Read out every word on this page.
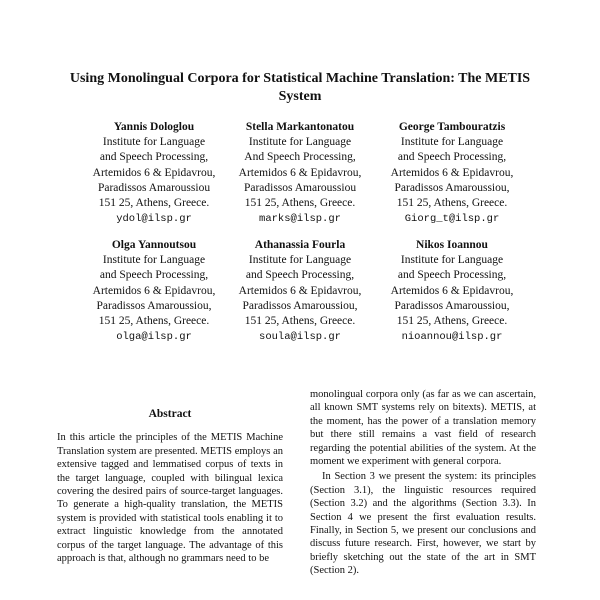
Using Monolingual Corpora for Statistical Machine Translation: The METIS System
Yannis Dologlou
Institute for Language
and Speech Processing,
Artemidos 6 & Epidavrou,
Paradissos Amaroussiou
151 25, Athens, Greece.
ydol@ilsp.gr
Stella Markantonatou
Institute for Language
And Speech Processing,
Artemidos 6 & Epidavrou,
Paradissos Amaroussiou
151 25, Athens, Greece.
marks@ilsp.gr
George Tambouratzis
Institute for Language
and Speech Processing,
Artemidos 6 & Epidavrou,
Paradissos Amaroussiou,
151 25, Athens, Greece.
Giorg_t@ilsp.gr
Olga Yannoutsou
Institute for Language
and Speech Processing,
Artemidos 6 & Epidavrou,
Paradissos Amaroussiou,
151 25, Athens, Greece.
olga@ilsp.gr
Athanassia Fourla
Institute for Language
and Speech Processing,
Artemidos 6 & Epidavrou,
Paradissos Amaroussiou,
151 25, Athens, Greece.
soula@ilsp.gr
Nikos Ioannou
Institute for Language
and Speech Processing,
Artemidos 6 & Epidavrou,
Paradissos Amaroussiou,
151 25, Athens, Greece.
nioannou@ilsp.gr
Abstract

In this article the principles of the METIS Machine Translation system are presented. METIS employs an extensive tagged and lemmatised corpus of texts in the target language, coupled with bilingual lexica covering the desired pairs of source-target languages. To generate a high-quality translation, the METIS system is provided with statistical tools enabling it to extract linguistic knowledge from the annotated corpus of the target language. The advantage of this approach is that, although no grammars need to be

monolingual corpora only (as far as we can ascertain, all known SMT systems rely on bitexts). METIS, at the moment, has the power of a translation memory but there still remains a vast field of research regarding the potential abilities of the system. At the moment we experiment with general corpora.

In Section 3 we present the system: its principles (Section 3.1), the linguistic resources required (Section 3.2) and the algorithms (Section 3.3). In Section 4 we present the first evaluation results. Finally, in Section 5, we present our conclusions and discuss future research. First, however, we start by briefly sketching out the state of the art in SMT (Section 2).
